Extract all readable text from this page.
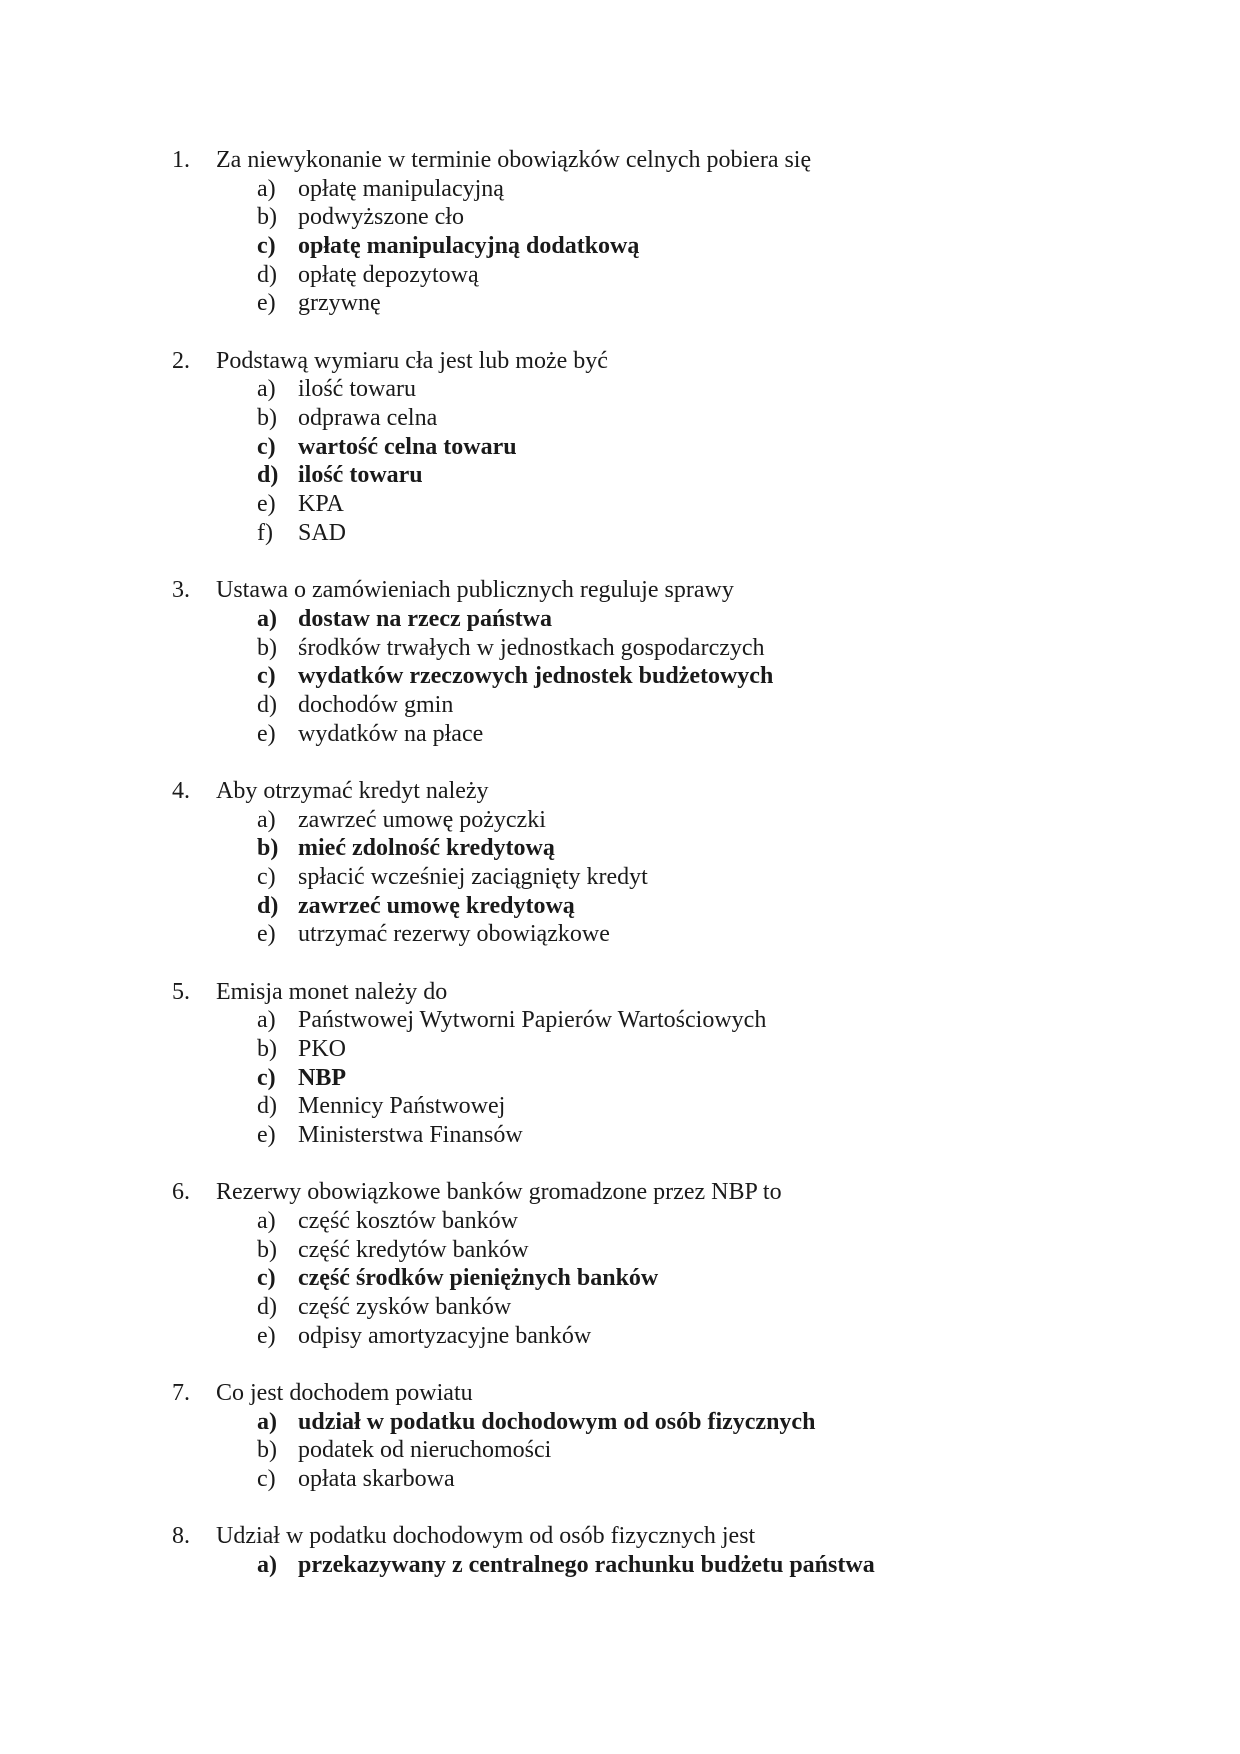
1.	Za niewykonanie w terminie obowiązków celnych pobiera się
a) opłatę manipulacyjną
b) podwyższone cło
c) opłatę manipulacyjną dodatkową
d) opłatę depozytową
e) grzywnę
2.	Podstawą wymiaru cła jest lub może być
a) ilość towaru
b) odprawa celna
c) wartość celna towaru
d) ilość towaru
e) KPA
f)	SAD
3.	Ustawa o zamówieniach publicznych reguluje sprawy
a) dostaw na rzecz państwa
b) środków trwałych w jednostkach gospodarczych
c) wydatków rzeczowych jednostek budżetowych
d) dochodów gmin
e) wydatków na płace
4.	Aby otrzymać kredyt należy
a) zawrzeć umowę pożyczki
b) mieć zdolność kredytową
c) spłacić wcześniej zaciągnięty kredyt
d) zawrzeć umowę kredytową
e) utrzymać rezerwy obowiązkowe
5.	Emisja monet należy do
a) Państwowej Wytworni Papierów Wartościowych
b) PKO
c) NBP
d) Mennicy Państwowej
e) Ministerstwa Finansów
6.	Rezerwy obowiązkowe banków gromadzone przez NBP to
a) część kosztów banków
b) część kredytów banków
c) część środków pieniężnych banków
d) część zysków banków
e) odpisy amortyzacyjne banków
7.	Co jest dochodem powiatu
a) udział w podatku dochodowym od osób fizycznych
b) podatek od nieruchomości
c) opłata skarbowa
8.	Udział w podatku dochodowym od osób fizycznych jest
a) przekazywany z centralnego rachunku budżetu państwa
